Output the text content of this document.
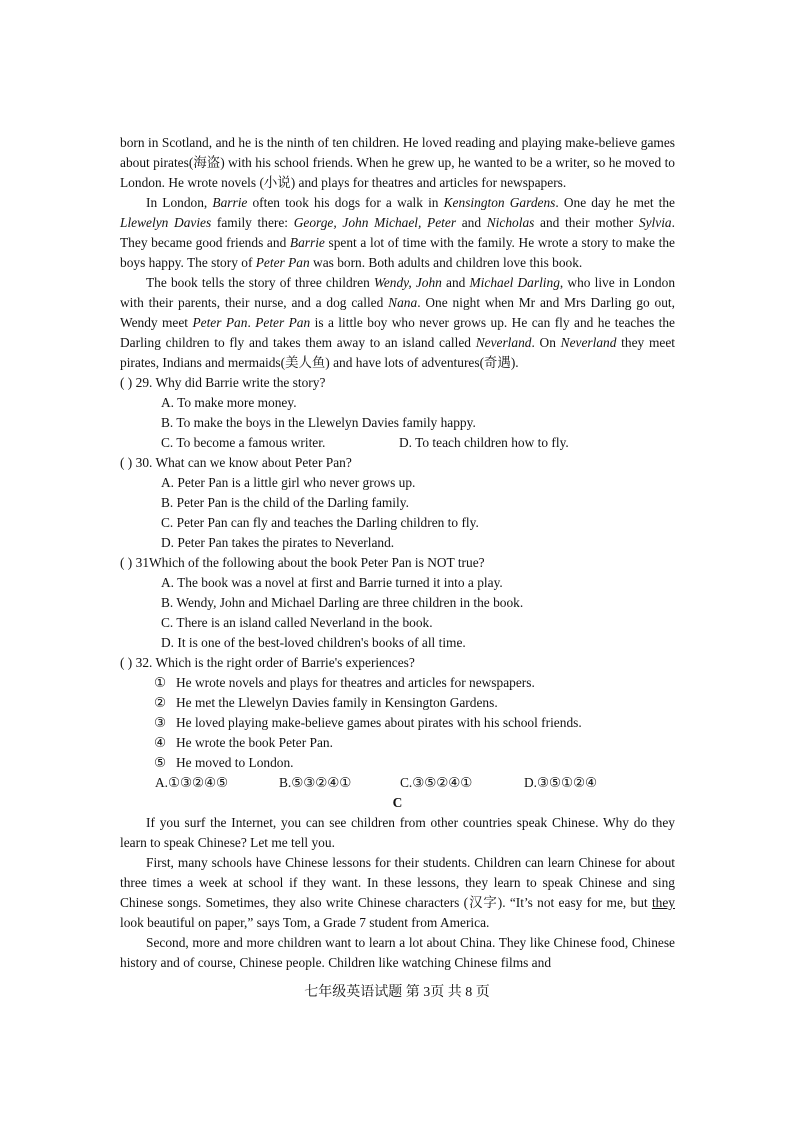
born in Scotland, and he is the ninth of ten children. He loved reading and playing make-believe games about pirates(海盗) with his school friends. When he grew up, he wanted to be a writer, so he moved to London. He wrote novels (小说) and plays for theatres and articles for newspapers.

In London, Barrie often took his dogs for a walk in Kensington Gardens. One day he met the Llewelyn Davies family there: George, John Michael, Peter and Nicholas and their mother Sylvia. They became good friends and Barrie spent a lot of time with the family. He wrote a story to make the boys happy. The story of Peter Pan was born. Both adults and children love this book.

The book tells the story of three children Wendy, John and Michael Darling, who live in London with their parents, their nurse, and a dog called Nana. One night when Mr and Mrs Darling go out, Wendy meet Peter Pan. Peter Pan is a little boy who never grows up. He can fly and he teaches the Darling children to fly and takes them away to an island called Neverland. On Neverland they meet pirates, Indians and mermaids(美人鱼) and have lots of adventures(奇遇).

( ) 29. Why did Barrie write the story?

A. To make more money.

B. To make the boys in the Llewelyn Davies family happy.

C. To become a famous writer.	D. To teach children how to fly.

( ) 30. What can we know about Peter Pan?

A. Peter Pan is a little girl who never grows up.

B. Peter Pan is the child of the Darling family.

C. Peter Pan can fly and teaches the Darling children to fly.

D. Peter Pan takes the pirates to Neverland.

( ) 31Which of the following about the book Peter Pan is NOT true?

A. The book was a novel at first and Barrie turned it into a play.

B. Wendy, John and Michael Darling are three children in the book.

C. There is an island called Neverland in the book.

D. It is one of the best-loved children's books of all time.

( ) 32. Which is the right order of Barrie's experiences?

① He wrote novels and plays for theatres and articles for newspapers.

② He met the Llewelyn Davies family in Kensington Gardens.

③ He loved playing make-believe games about pirates with his school friends.

④ He wrote the book Peter Pan.

⑤ He moved to London.

A.①③②④⑤	B.⑤③②④①	C.③⑤②④①	D.③⑤①②④

C

If you surf the Internet, you can see children from other countries speak Chinese. Why do they learn to speak Chinese? Let me tell you.

First, many schools have Chinese lessons for their students. Children can learn Chinese for about three times a week at school if they want. In these lessons, they learn to speak Chinese and sing Chinese songs. Sometimes, they also write Chinese characters (汉字). “It’s not easy for me, but they look beautiful on paper,” says Tom, a Grade 7 student from America.

Second, more and more children want to learn a lot about China. They like Chinese food, Chinese history and of course, Chinese people. Children like watching Chinese films and

七年级英语试题 第 3页 共 8 页
